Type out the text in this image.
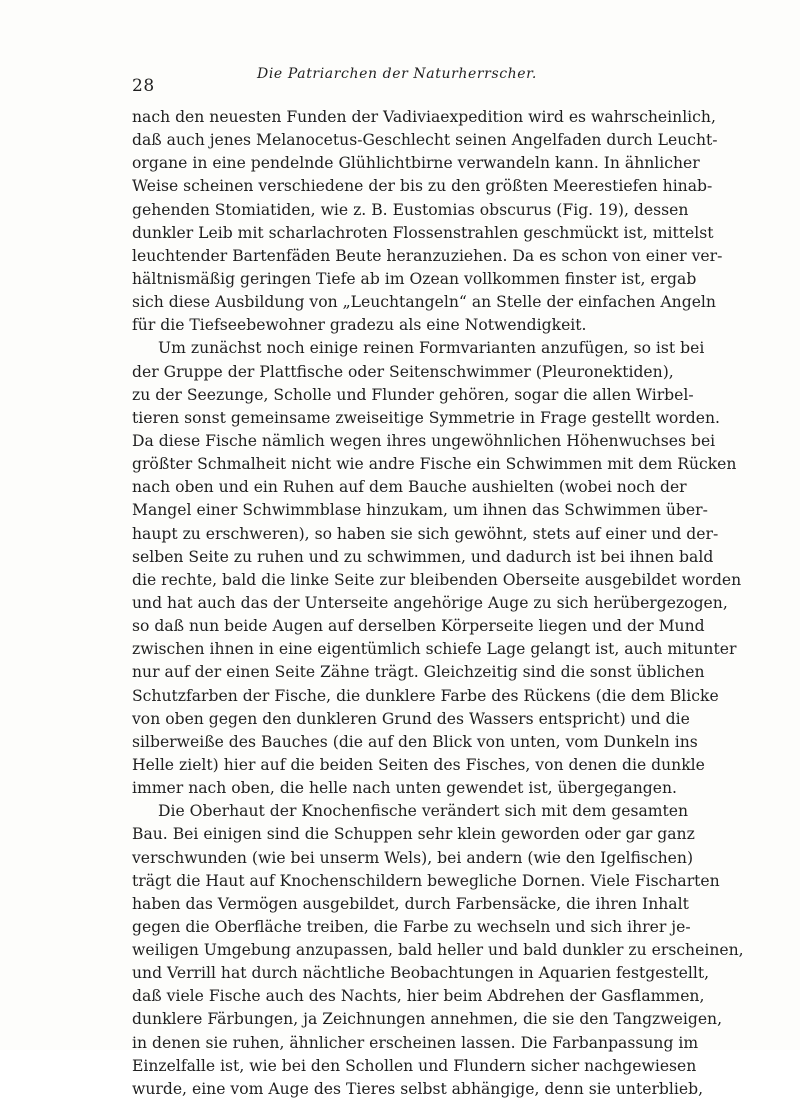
28
Die Patriarchen der Naturherrscher.
nach den neuesten Funden der Vadiviaexpedition wird es wahrscheinlich,
daß auch jenes Melanocetus-Geschlecht seinen Angelfaden durch Leucht-
organe in eine pendelnde Glühlichtbirne verwandeln kann. In ähnlicher
Weise scheinen verschiedene der bis zu den größten Meerestiefen hinab-
gehenden Stomiatiden, wie z. B. Eustomias obscurus (Fig. 19), dessen
dunkler Leib mit scharlachroten Flossenstrahlen geschmückt ist, mittelst
leuchtender Bartenfäden Beute heranzuziehen. Da es schon von einer ver-
hältnismäßig geringen Tiefe ab im Ozean vollkommen finster ist, ergab
sich diese Ausbildung von „Leuchtangeln“ an Stelle der einfachen Angeln
für die Tiefseebewohner gradezu als eine Notwendigkeit.
Um zunächst noch einige reinen Formvarianten anzufügen, so ist bei
der Gruppe der Plattfische oder Seitenschwimmer (Pleuronektiden),
zu der Seezunge, Scholle und Flunder gehören, sogar die allen Wirbel-
tieren sonst gemeinsame zweiseitige Symmetrie in Frage gestellt worden.
Da diese Fische nämlich wegen ihres ungewöhnlichen Höhenwuchses bei
größter Schmalheit nicht wie andre Fische ein Schwimmen mit dem Rücken
nach oben und ein Ruhen auf dem Bauche aushielten (wobei noch der
Mangel einer Schwimmblase hinzukam, um ihnen das Schwimmen über-
haupt zu erschweren), so haben sie sich gewöhnt, stets auf einer und der-
selben Seite zu ruhen und zu schwimmen, und dadurch ist bei ihnen bald
die rechte, bald die linke Seite zur bleibenden Oberseite ausgebildet worden
und hat auch das der Unterseite angehörige Auge zu sich herübergezogen,
so daß nun beide Augen auf derselben Körperseite liegen und der Mund
zwischen ihnen in eine eigentümlich schiefe Lage gelangt ist, auch mitunter
nur auf der einen Seite Zähne trägt. Gleichzeitig sind die sonst üblichen
Schutzfarben der Fische, die dunklere Farbe des Rückens (die dem Blicke
von oben gegen den dunkleren Grund des Wassers entspricht) und die
silberweiße des Bauches (die auf den Blick von unten, vom Dunkeln ins
Helle zielt) hier auf die beiden Seiten des Fisches, von denen die dunkle
immer nach oben, die helle nach unten gewendet ist, übergegangen.
Die Oberhaut der Knochenfische verändert sich mit dem gesamten
Bau. Bei einigen sind die Schuppen sehr klein geworden oder gar ganz
verschwunden (wie bei unserm Wels), bei andern (wie den Igelfischen)
trägt die Haut auf Knochenschildern bewegliche Dornen. Viele Fischarten
haben das Vermögen ausgebildet, durch Farbensäcke, die ihren Inhalt
gegen die Oberfläche treiben, die Farbe zu wechseln und sich ihrer je-
weiligen Umgebung anzupassen, bald heller und bald dunkler zu erscheinen,
und Verrill hat durch nächtliche Beobachtungen in Aquarien festgestellt,
daß viele Fische auch des Nachts, hier beim Abdrehen der Gasflammen,
dunklere Färbungen, ja Zeichnungen annehmen, die sie den Tangzweigen,
in denen sie ruhen, ähnlicher erscheinen lassen. Die Farbanpassung im
Einzelfalle ist, wie bei den Schollen und Flundern sicher nachgewiesen
wurde, eine vom Auge des Tieres selbst abhängige, denn sie unterblieb,
